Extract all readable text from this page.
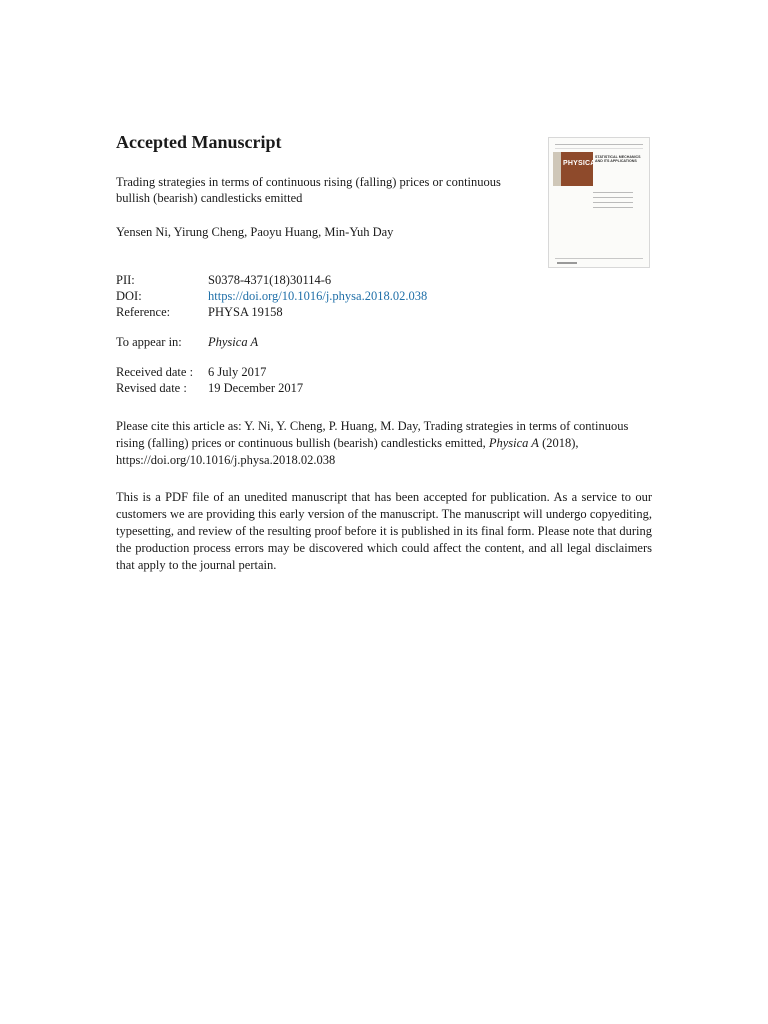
Accepted Manuscript
Trading strategies in terms of continuous rising (falling) prices or continuous bullish (bearish) candlesticks emitted
Yensen Ni, Yirung Cheng, Paoyu Huang, Min-Yuh Day
PII:	S0378-4371(18)30114-6
DOI:	https://doi.org/10.1016/j.physa.2018.02.038
Reference:	PHYSA 19158
To appear in: Physica A
Received date : 6 July 2017
Revised date : 19 December 2017
Please cite this article as: Y. Ni, Y. Cheng, P. Huang, M. Day, Trading strategies in terms of continuous rising (falling) prices or continuous bullish (bearish) candlesticks emitted, Physica A (2018), https://doi.org/10.1016/j.physa.2018.02.038
This is a PDF file of an unedited manuscript that has been accepted for publication. As a service to our customers we are providing this early version of the manuscript. The manuscript will undergo copyediting, typesetting, and review of the resulting proof before it is published in its final form. Please note that during the production process errors may be discovered which could affect the content, and all legal disclaimers that apply to the journal pertain.
PHYSICA
STATISTICAL MECHANICS AND ITS APPLICATIONS
